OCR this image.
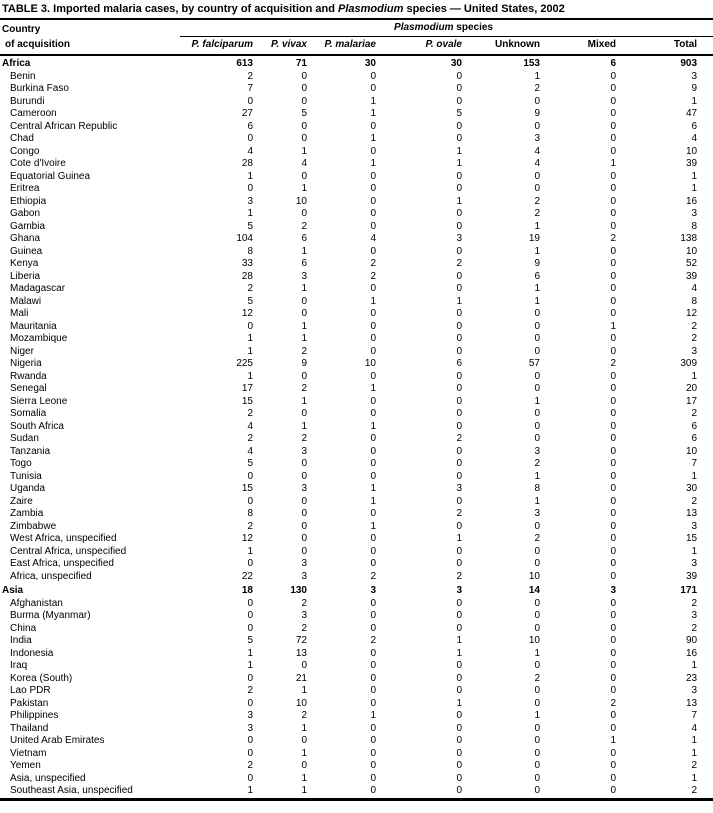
TABLE 3. Imported malaria cases, by country of acquisition and Plasmodium species — United States, 2002
Country	Plasmodium species						
of acquisition	P. falciparum	P. vivax	P. malariae	P. ovale	Unknown	Mixed	Total
Africa	613	71	30	30	153	6	903
Benin	2	0	0	0	1	0	3
Burkina Faso	7	0	0	0	2	0	9
Burundi	0	0	1	0	0	0	1
Cameroon	27	5	1	5	9	0	47
Central African Republic	6	0	0	0	0	0	6
Chad	0	0	1	0	3	0	4
Congo	4	1	0	1	4	0	10
Cote d'Ivoire	28	4	1	1	4	1	39
Equatorial Guinea	1	0	0	0	0	0	1
Eritrea	0	1	0	0	0	0	1
Ethiopia	3	10	0	1	2	0	16
Gabon	1	0	0	0	2	0	3
Gambia	5	2	0	0	1	0	8
Ghana	104	6	4	3	19	2	138
Guinea	8	1	0	0	1	0	10
Kenya	33	6	2	2	9	0	52
Liberia	28	3	2	0	6	0	39
Madagascar	2	1	0	0	1	0	4
Malawi	5	0	1	1	1	0	8
Mali	12	0	0	0	0	0	12
Mauritania	0	1	0	0	0	1	2
Mozambique	1	1	0	0	0	0	2
Niger	1	2	0	0	0	0	3
Nigeria	225	9	10	6	57	2	309
Rwanda	1	0	0	0	0	0	1
Senegal	17	2	1	0	0	0	20
Sierra Leone	15	1	0	0	1	0	17
Somalia	2	0	0	0	0	0	2
South Africa	4	1	1	0	0	0	6
Sudan	2	2	0	2	0	0	6
Tanzania	4	3	0	0	3	0	10
Togo	5	0	0	0	2	0	7
Tunisia	0	0	0	0	1	0	1
Uganda	15	3	1	3	8	0	30
Zaire	0	0	1	0	1	0	2
Zambia	8	0	0	2	3	0	13
Zimbabwe	2	0	1	0	0	0	3
West Africa, unspecified	12	0	0	1	2	0	15
Central Africa, unspecified	1	0	0	0	0	0	1
East Africa, unspecified	0	3	0	0	0	0	3
Africa, unspecified	22	3	2	2	10	0	39
Asia	18	130	3	3	14	3	171
Afghanistan	0	2	0	0	0	0	2
Burma (Myanmar)	0	3	0	0	0	0	3
China	0	2	0	0	0	0	2
India	5	72	2	1	10	0	90
Indonesia	1	13	0	1	1	0	16
Iraq	1	0	0	0	0	0	1
Korea (South)	0	21	0	0	2	0	23
Lao PDR	2	1	0	0	0	0	3
Pakistan	0	10	0	1	0	2	13
Philippines	3	2	1	0	1	0	7
Thailand	3	1	0	0	0	0	4
United Arab Emirates	0	0	0	0	0	1	1
Vietnam	0	1	0	0	0	0	1
Yemen	2	0	0	0	0	0	2
Asia, unspecified	0	1	0	0	0	0	1
Southeast Asia, unspecified	1	1	0	0	0	0	2
